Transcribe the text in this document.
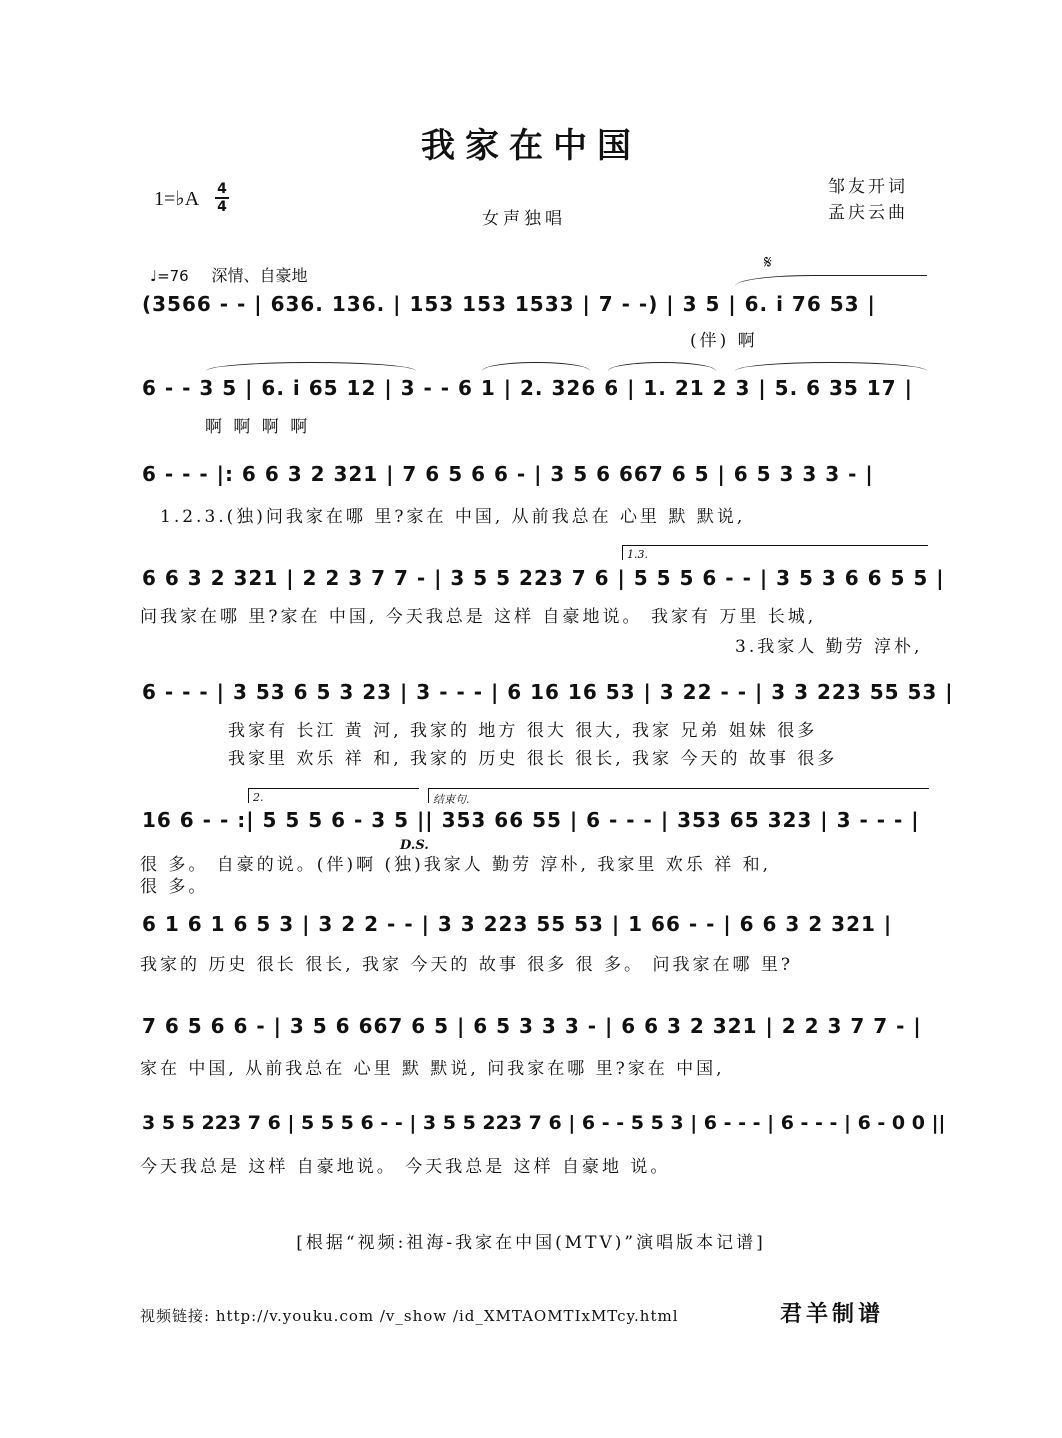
我家在中国
1=♭A 4
4
女声独唱
邹友开词
孟庆云曲
♩=76 深情、自豪地
𝄋
(3566 - - | 636. 136. | 153 153 1533 | 7 - -) | 3 5 | 6. i 76 53 |
(伴) 啊
6 - - 3 5 | 6. i 65 12 | 3 - - 6 1 | 2. 326 6 | 1. 21 2 3 | 5. 6 35 17 |
啊 啊 啊 啊
6 - - - |: 6 6 3 2 321 | 7 6 5 6 6 - | 3 5 6 667 6 5 | 6 5 3 3 3 - |
1.2.3.(独)问我家在哪 里?家在 中国, 从前我总在 心里 默 默说,
1.3.
6 6 3 2 321 | 2 2 3 7 7 - | 3 5 5 223 7 6 | 5 5 5 6 - - | 3 5 3 6 6 5 5 |
问我家在哪 里?家在 中国, 今天我总是 这样 自豪地说。 我家有 万里 长城,
3.我家人 勤劳 淳朴,
6 - - - | 3 53 6 5 3 23 | 3 - - - | 6 16 16 53 | 3 22 - - | 3 3 223 55 53 |
我家有 长江 黄 河, 我家的 地方 很大 很大, 我家 兄弟 姐妹 很多
我家里 欢乐 祥 和, 我家的 历史 很长 很长, 我家 今天的 故事 很多
2.	结束句.
16 6 - - :| 5 5 5 6 - 3 5 || 353 66 55 | 6 - - - | 353 65 323 | 3 - - - |
D.S.
很 多。 自豪的说。(伴)啊 (独)我家人 勤劳 淳朴, 我家里 欢乐 祥 和,
很 多。
6 1 6 1 6 5 3 | 3 2 2 - - | 3 3 223 55 53 | 1 66 - - | 6 6 3 2 321 |
我家的 历史 很长 很长, 我家 今天的 故事 很多 很 多。 问我家在哪 里?
7 6 5 6 6 - | 3 5 6 667 6 5 | 6 5 3 3 3 - | 6 6 3 2 321 | 2 2 3 7 7 - |
家在 中国, 从前我总在 心里 默 默说, 问我家在哪 里?家在 中国,
3 5 5 223 7 6 | 5 5 5 6 - - | 3 5 5 223 7 6 | 6 - - 5 5 3 | 6 - - - | 6 - - - | 6 - 0 0 ||
今天我总是 这样 自豪地说。 今天我总是 这样 自豪地 说。
[根据“视频:祖海-我家在中国(MTV)”演唱版本记谱]
视频链接: http://v.youku.com /v_show /id_XMTAOMTIxMTcy.html	君羊制谱
